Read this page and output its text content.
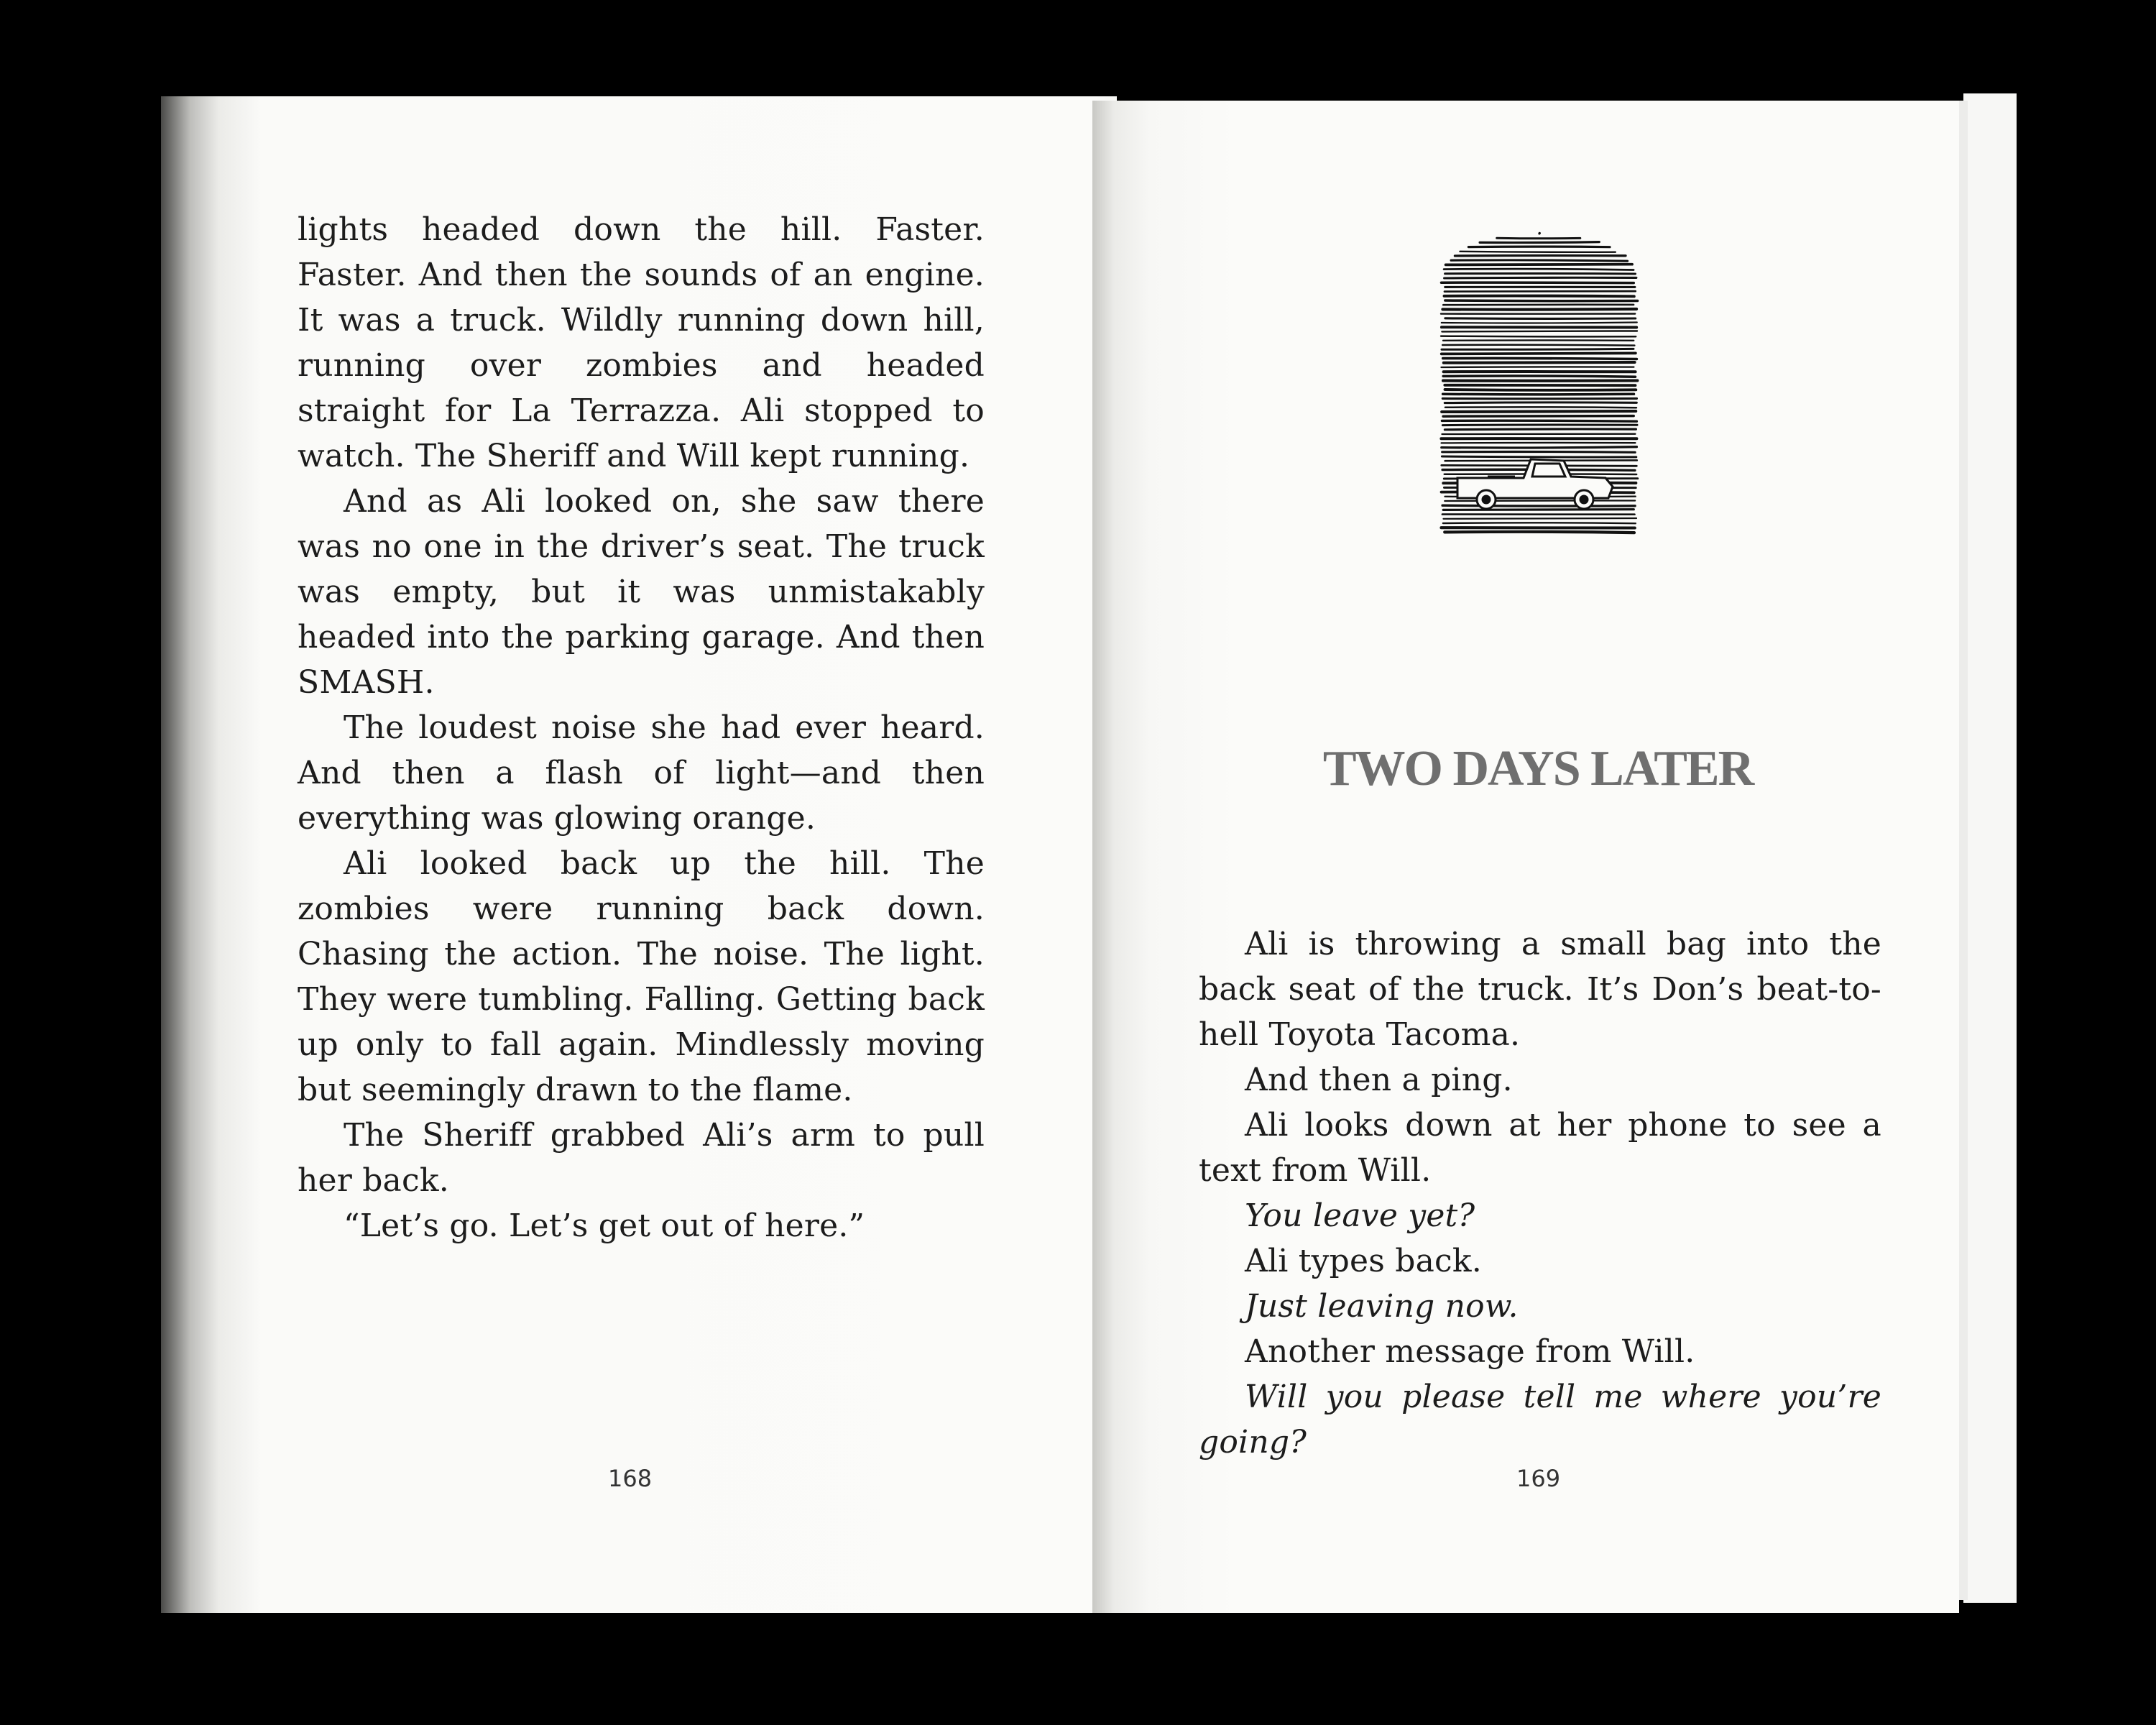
lights headed down the hill. Faster. Faster. And then the sounds of an engine. It was a truck. Wildly running down hill, running over zombies and headed straight for La Terrazza. Ali stopped to watch. The Sheriff and Will kept running.

And as Ali looked on, she saw there was no one in the driver’s seat. The truck was empty, but it was unmistakably headed into the parking garage. And then SMASH.

The loudest noise she had ever heard. And then a flash of light—and then everything was glowing orange.

Ali looked back up the hill. The zombies were running back down. Chasing the action. The noise. The light. They were tumbling. Falling. Getting back up only to fall again. Mindlessly moving but seemingly drawn to the flame.

The Sheriff grabbed Ali’s arm to pull her back.

“Let’s go. Let’s get out of here.”

TWO DAYS LATER

Ali is throwing a small bag into the back seat of the truck. It’s Don’s beat-to-hell Toyota Tacoma.

And then a ping.

Ali looks down at her phone to see a text from Will.

You leave yet?

Ali types back.

Just leaving now.

Another message from Will.

Will you please tell me where you’re going?

168	169
